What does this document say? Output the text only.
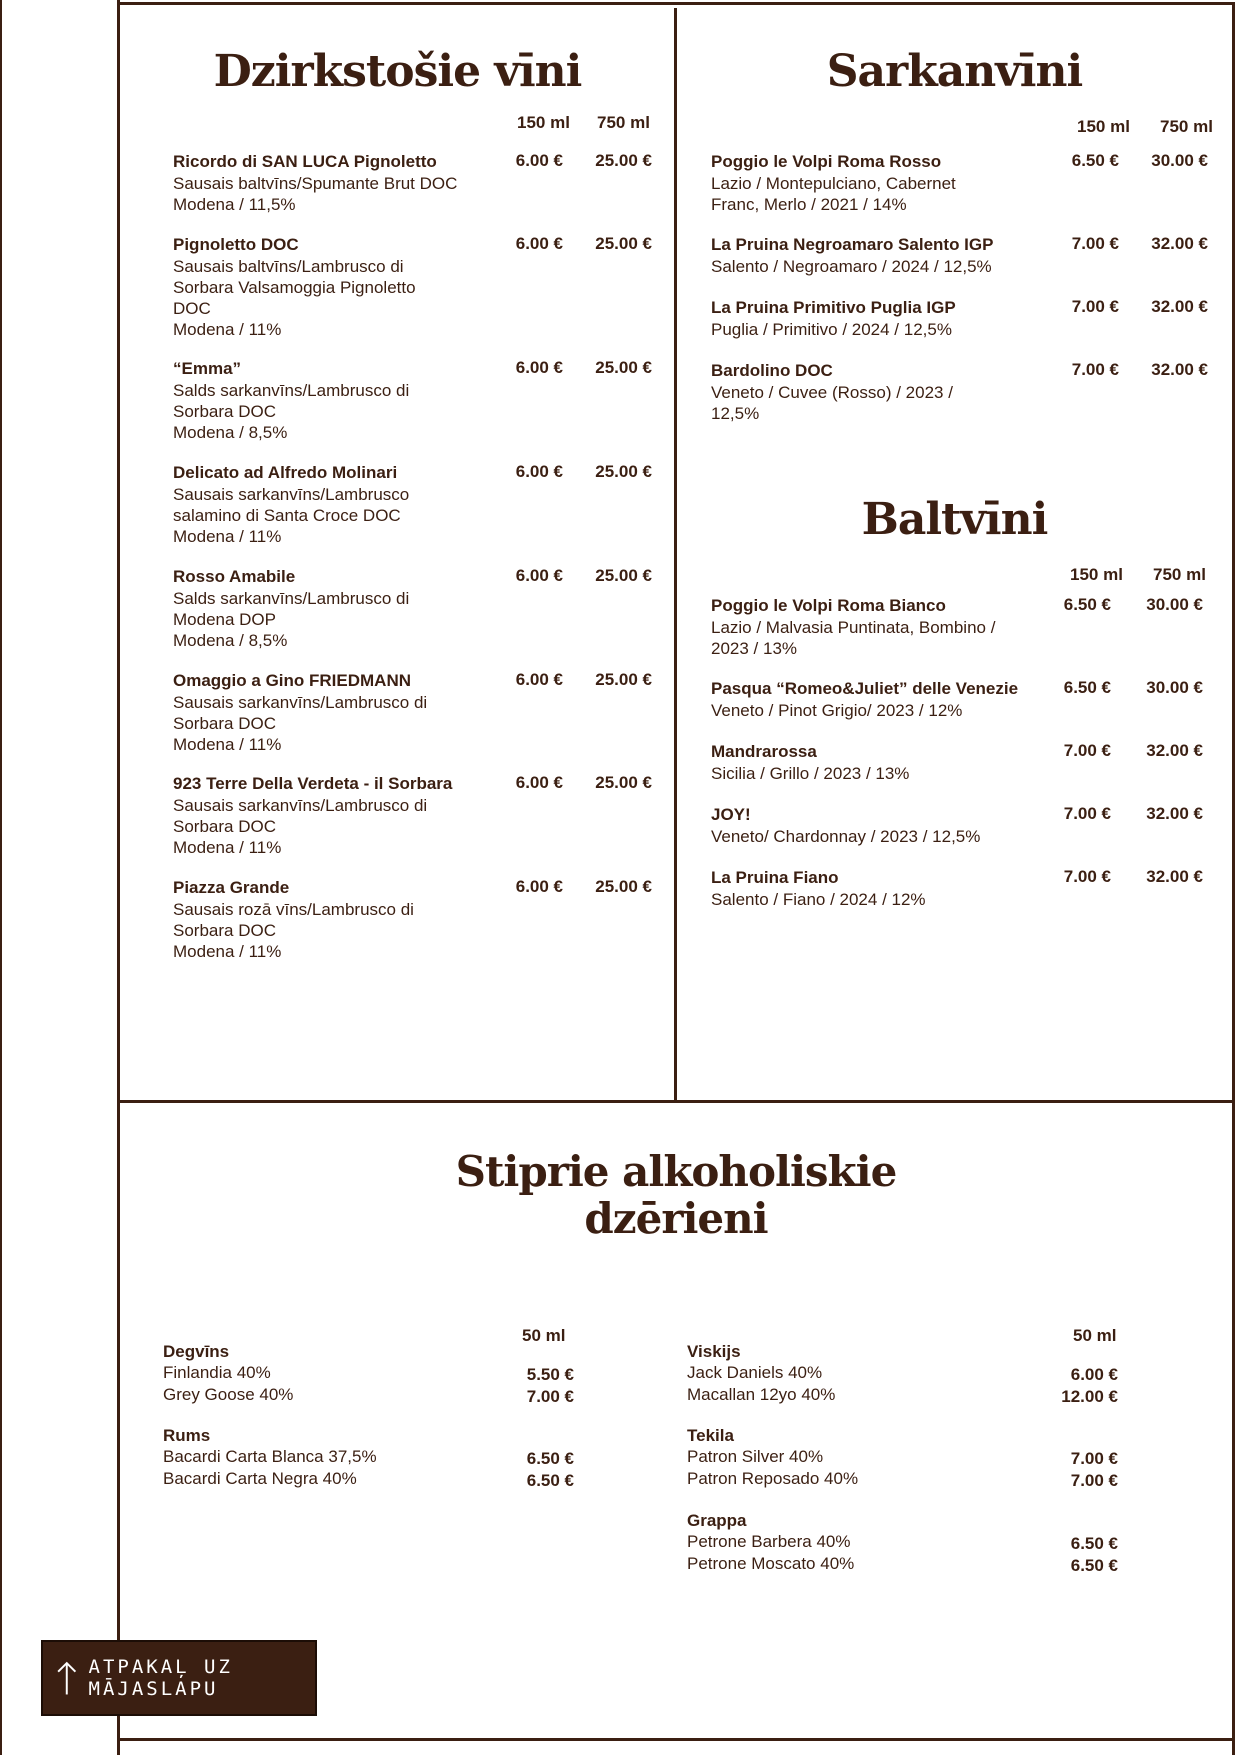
Dzirkstošie vīni
150 ml 750 ml
Ricordo di SAN LUCA Pignoletto
Sausais baltvīns/Spumante Brut DOC
Modena / 11,5%
6.00 € 25.00 €
Pignoletto DOC
Sausais baltvīns/Lambrusco di
Sorbara Valsamoggia Pignoletto
DOC
Modena / 11%
6.00 € 25.00 €
“Emma”
Salds sarkanvīns/Lambrusco di
Sorbara DOC
Modena / 8,5%
6.00 € 25.00 €
Delicato ad Alfredo Molinari
Sausais sarkanvīns/Lambrusco
salamino di Santa Croce DOC
Modena / 11%
6.00 € 25.00 €
Rosso Amabile
Salds sarkanvīns/Lambrusco di
Modena DOP
Modena / 8,5%
6.00 € 25.00 €
Omaggio a Gino FRIEDMANN
Sausais sarkanvīns/Lambrusco di
Sorbara DOC
Modena / 11%
6.00 € 25.00 €
923 Terre Della Verdeta - il Sorbara
Sausais sarkanvīns/Lambrusco di
Sorbara DOC
Modena / 11%
6.00 € 25.00 €
Piazza Grande
Sausais rozā vīns/Lambrusco di
Sorbara DOC
Modena / 11%
6.00 € 25.00 €
Sarkanvīni
150 ml 750 ml
Poggio le Volpi Roma Rosso
Lazio / Montepulciano, Cabernet
Franc, Merlo / 2021 / 14%
6.50 € 30.00 €
La Pruina Negroamaro Salento IGP
Salento / Negroamaro / 2024 / 12,5%
7.00 € 32.00 €
La Pruina Primitivo Puglia IGP
Puglia / Primitivo / 2024 / 12,5%
7.00 € 32.00 €
Bardolino DOC
Veneto / Cuvee (Rosso) / 2023 /
12,5%
7.00 € 32.00 €
Baltvīni
150 ml 750 ml
Poggio le Volpi Roma Bianco
Lazio / Malvasia Puntinata, Bombino /
2023 / 13%
6.50 € 30.00 €
Pasqua “Romeo&Juliet” delle Venezie
Veneto / Pinot Grigio/ 2023 / 12%
6.50 € 30.00 €
Mandrarossa
Sicilia / Grillo / 2023 / 13%
7.00 € 32.00 €
JOY!
Veneto/ Chardonnay / 2023 / 12,5%
7.00 € 32.00 €
La Pruina Fiano
Salento / Fiano / 2024 / 12%
7.00 € 32.00 €
Stiprie alkoholiskie
dzērieni
50 ml	50 ml
Degvīns
Finlandia 40%	5.50 €
Grey Goose 40%	7.00 €
Rums
Bacardi Carta Blanca 37,5%	6.50 €
Bacardi Carta Negra 40%	6.50 €
Viskijs
Jack Daniels 40%	6.00 €
Macallan 12yo 40%	12.00 €
Tekila
Patron Silver 40%	7.00 €
Patron Reposado 40%	7.00 €
Grappa
Petrone Barbera 40%	6.50 €
Petrone Moscato 40%	6.50 €
ATPAKAĻ UZ MĀJASLAPU
